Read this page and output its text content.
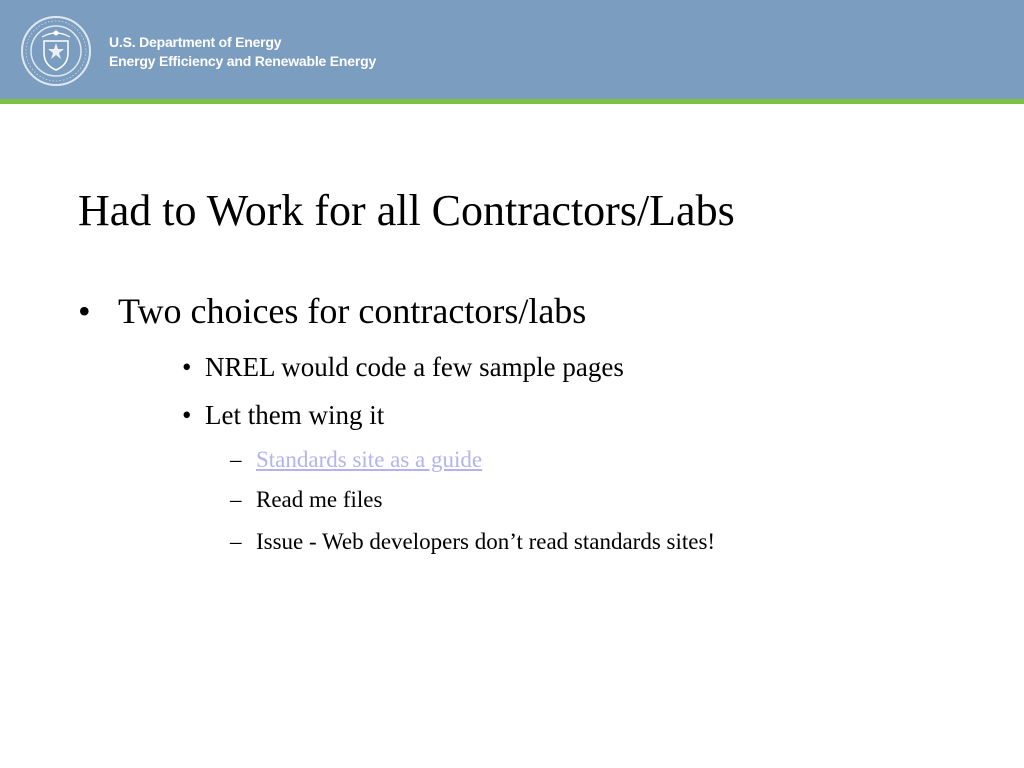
U.S. Department of Energy
Energy Efficiency and Renewable Energy
Had to Work for all Contractors/Labs
• Two choices for contractors/labs
• NREL would code a few sample pages
• Let them wing it
– Standards site as a guide
– Read me files
– Issue - Web developers don’t read standards sites!
